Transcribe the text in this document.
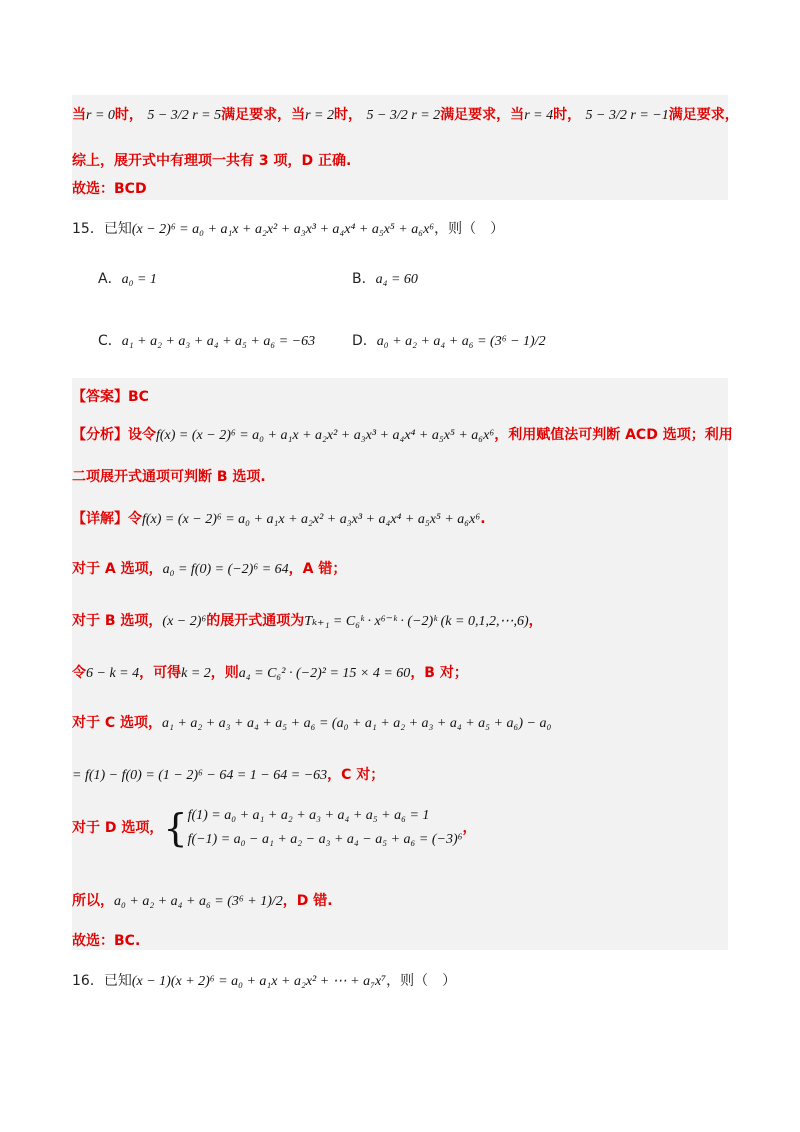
当r = 0时， 5 − 3/2 r = 5满足要求，当r = 2时， 5 − 3/2 r = 2满足要求，当r = 4时， 5 − 3/2 r = −1满足要求，
综上，展开式中有理项一共有 3 项，D 正确.
故选：BCD
15．已知(x − 2)⁶ = a₀ + a₁x + a₂x² + a₃x³ + a₄x⁴ + a₅x⁵ + a₆x⁶，则（　）
A．a₀ = 1	B．a₄ = 60
C．a₁ + a₂ + a₃ + a₄ + a₅ + a₆ = −63	D．a₀ + a₂ + a₄ + a₆ = (3⁶ − 1)/2
【答案】BC
【分析】设令f(x) = (x − 2)⁶ = a₀ + a₁x + a₂x² + a₃x³ + a₄x⁴ + a₅x⁵ + a₆x⁶，利用赋值法可判断 ACD 选项；利用
二项展开式通项可判断 B 选项.
【详解】令f(x) = (x − 2)⁶ = a₀ + a₁x + a₂x² + a₃x³ + a₄x⁴ + a₅x⁵ + a₆x⁶.
对于 A 选项，a₀ = f(0) = (−2)⁶ = 64，A 错；
对于 B 选项，(x − 2)⁶的展开式通项为Tₖ₊₁ = C₆ᵏ · x⁶⁻ᵏ · (−2)ᵏ (k = 0,1,2,⋯,6)，
令6 − k = 4，可得k = 2，则a₄ = C₆² · (−2)² = 15 × 4 = 60，B 对；
对于 C 选项，a₁ + a₂ + a₃ + a₄ + a₅ + a₆ = (a₀ + a₁ + a₂ + a₃ + a₄ + a₅ + a₆) − a₀
= f(1) − f(0) = (1 − 2)⁶ − 64 = 1 − 64 = −63，C 对；
对于 D 选项，{f(1) = a₀ + a₁ + a₂ + a₃ + a₄ + a₅ + a₆ = 1
f(−1) = a₀ − a₁ + a₂ − a₃ + a₄ − a₅ + a₆ = (−3)⁶，
所以，a₀ + a₂ + a₄ + a₆ = (3⁶ + 1)/2，D 错.
故选：BC.
16．已知(x − 1)(x + 2)⁶ = a₀ + a₁x + a₂x² + ⋯ + a₇x⁷，则（　）
